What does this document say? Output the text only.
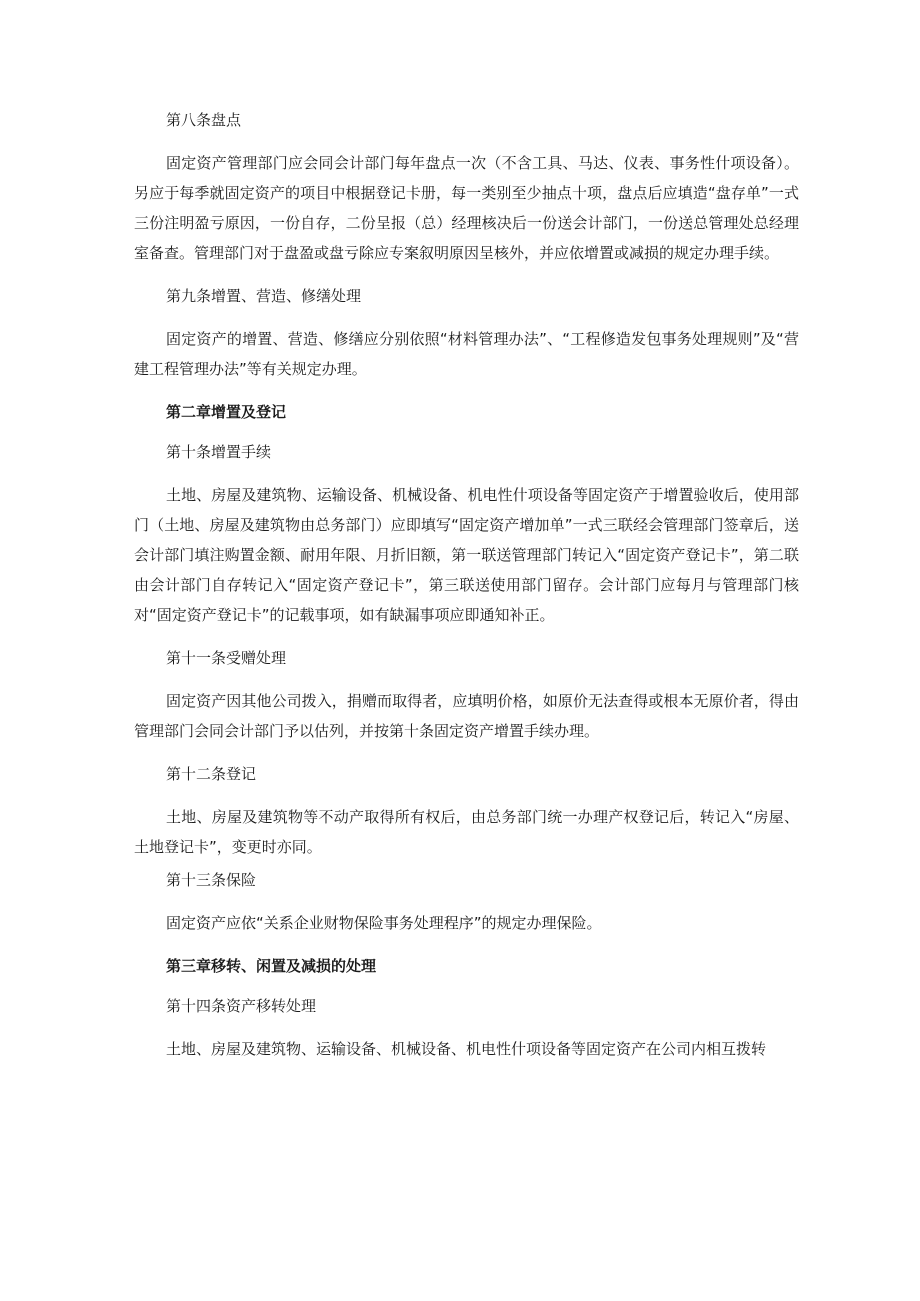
第八条盘点

固定资产管理部门应会同会计部门每年盘点一次（不含工具、马达、仪表、事务性什项设备）。另应于每季就固定资产的项目中根据登记卡册，每一类别至少抽点十项，盘点后应填造“盘存单”一式三份注明盈亏原因，一份自存，二份呈报（总）经理核决后一份送会计部门，一份送总管理处总经理室备查。管理部门对于盘盈或盘亏除应专案叙明原因呈核外，并应依增置或减损的规定办理手续。

第九条增置、营造、修缮处理

固定资产的增置、营造、修缮应分别依照“材料管理办法”、“工程修造发包事务处理规则”及“营建工程管理办法”等有关规定办理。

第二章增置及登记
第十条增置手续

土地、房屋及建筑物、运输设备、机械设备、机电性什项设备等固定资产于增置验收后，使用部门（土地、房屋及建筑物由总务部门）应即填写“固定资产增加单”一式三联经会管理部门签章后，送会计部门填注购置金额、耐用年限、月折旧额，第一联送管理部门转记入“固定资产登记卡”，第二联由会计部门自存转记入“固定资产登记卡”，第三联送使用部门留存。会计部门应每月与管理部门核对“固定资产登记卡”的记载事项，如有缺漏事项应即通知补正。

第十一条受赠处理

固定资产因其他公司拨入，捐赠而取得者，应填明价格，如原价无法查得或根本无原价者，得由管理部门会同会计部门予以估列，并按第十条固定资产增置手续办理。

第十二条登记

土地、房屋及建筑物等不动产取得所有权后，由总务部门统一办理产权登记后，转记入“房屋、土地登记卡”，变更时亦同。

第十三条保险

固定资产应依“关系企业财物保险事务处理程序”的规定办理保险。

第三章移转、闲置及减损的处理
第十四条资产移转处理

土地、房屋及建筑物、运输设备、机械设备、机电性什项设备等固定资产在公司内相互拨转
